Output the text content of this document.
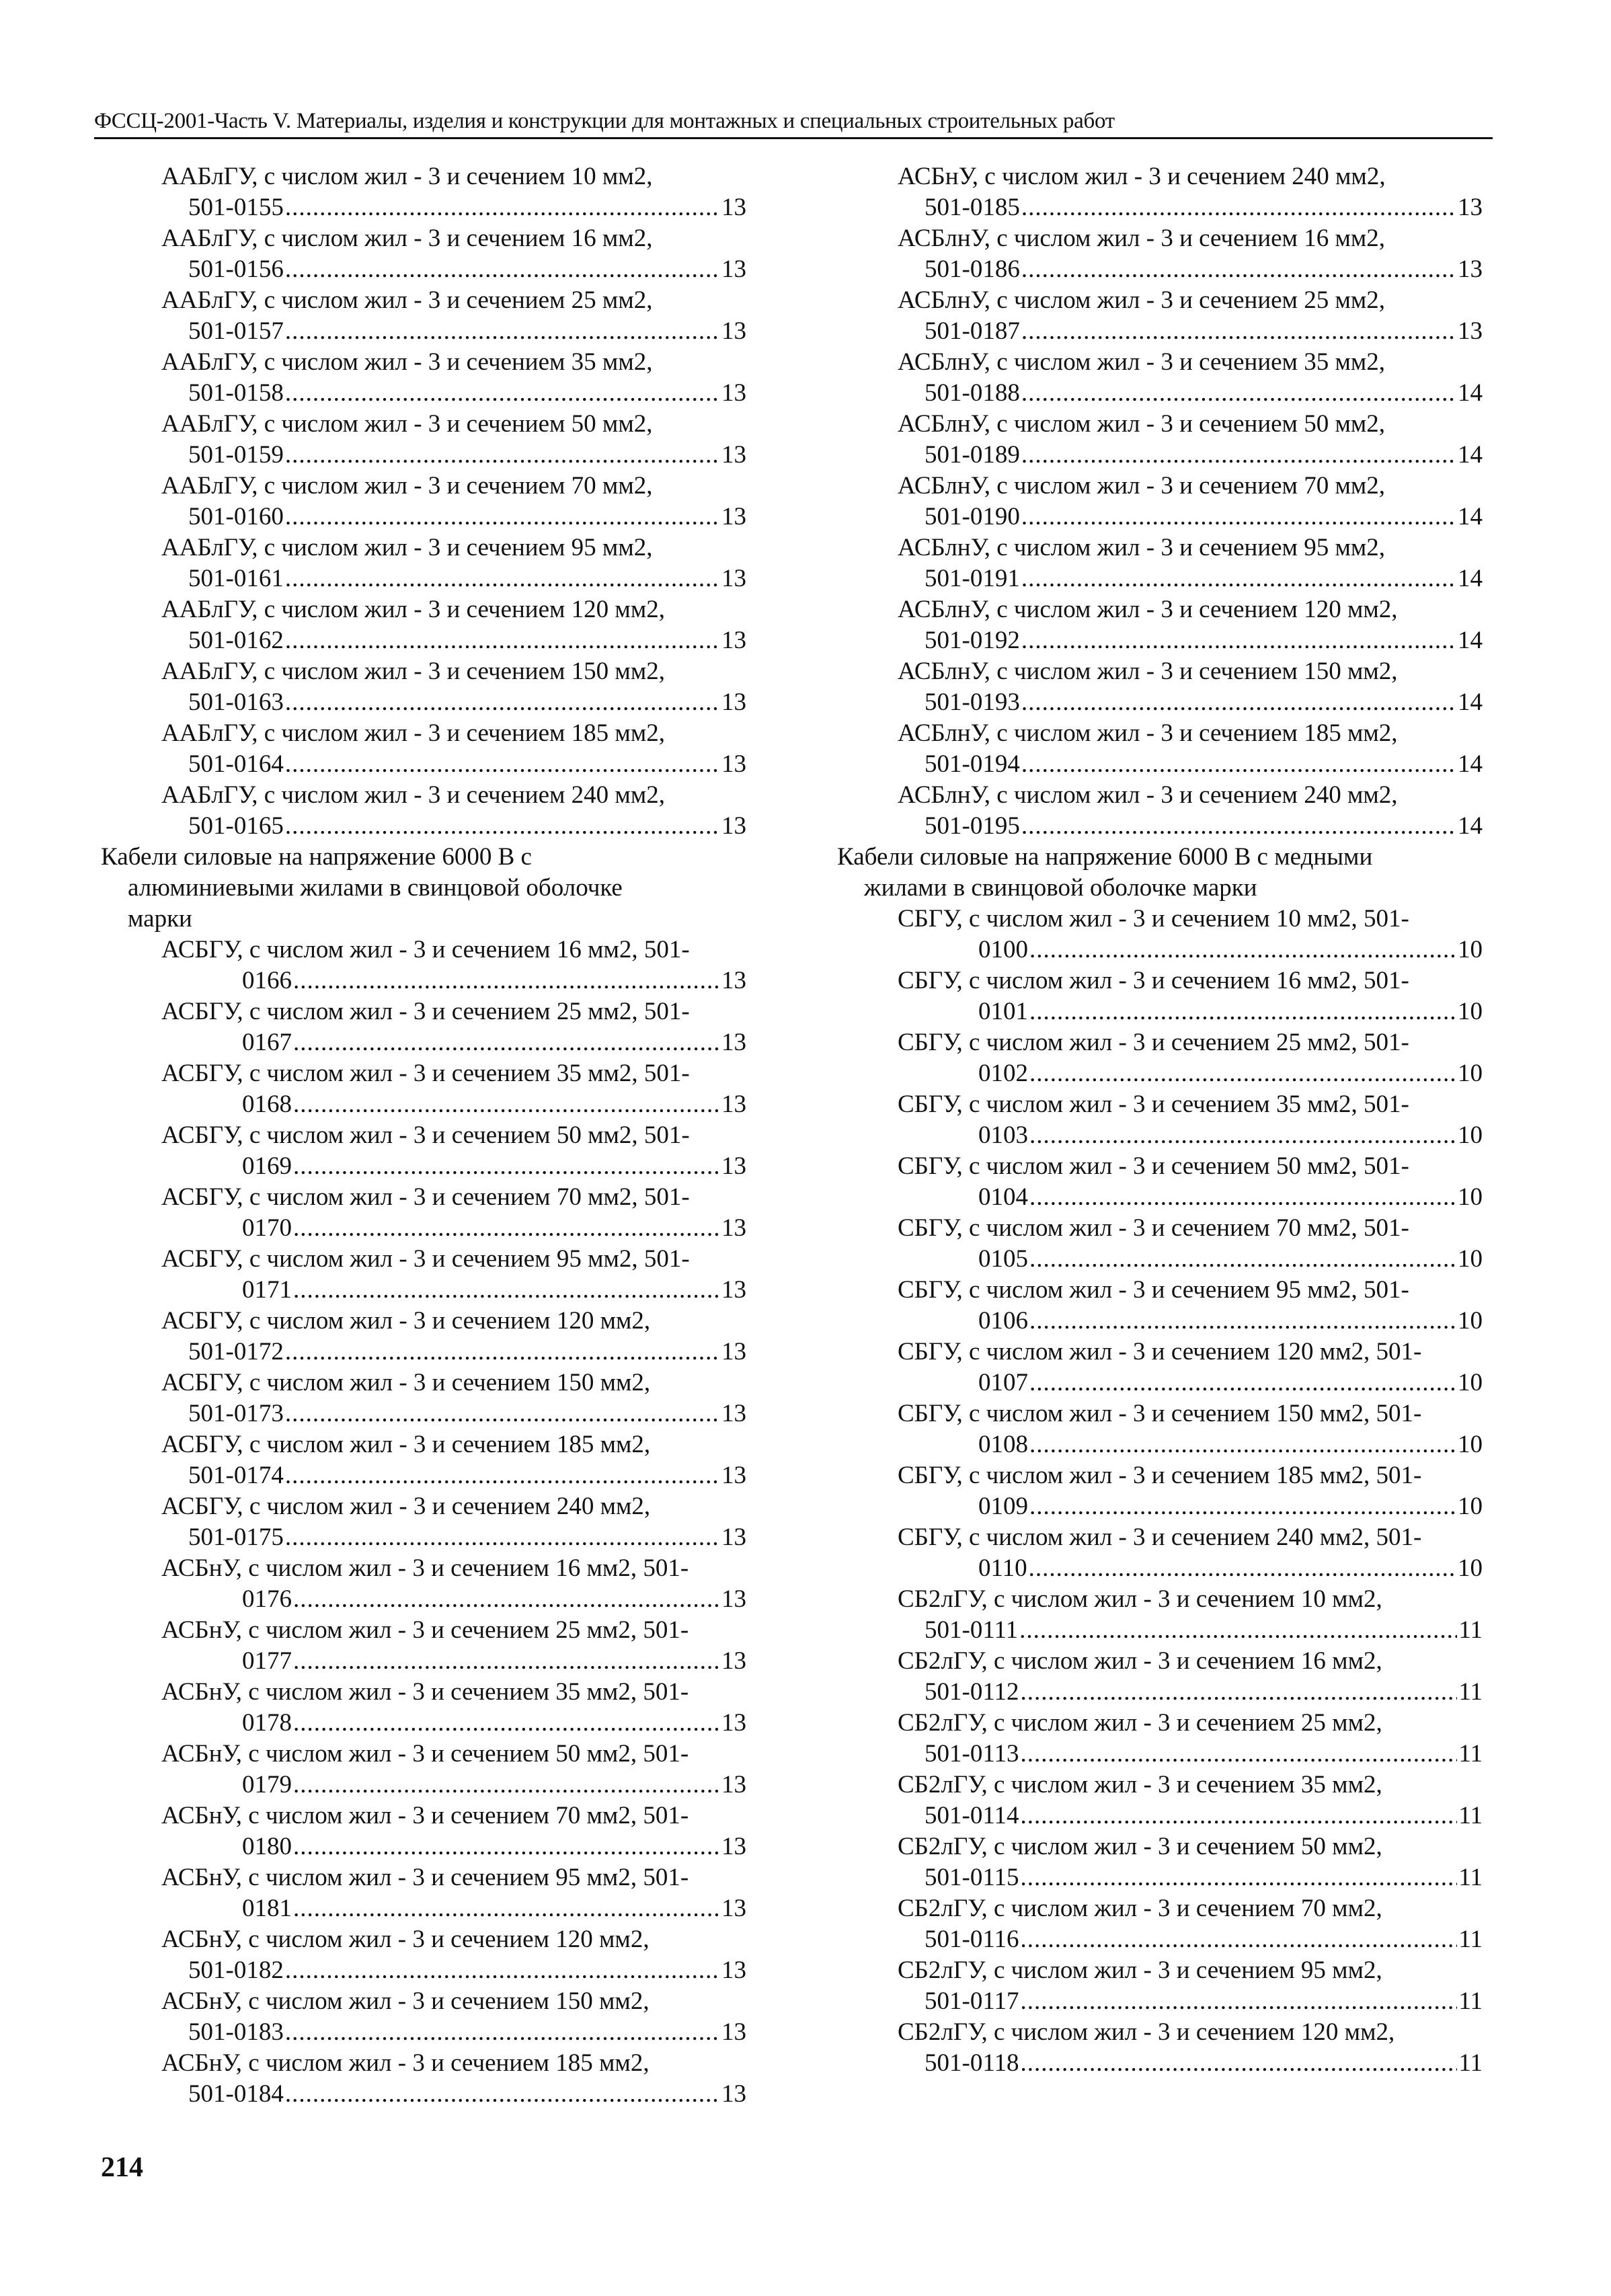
ФССЦ-2001-Часть V. Материалы, изделия и конструкции для монтажных и специальных строительных работ
ААБлГУ, с числом жил - 3 и сечением 10 мм2,
501-0155 .....	13
ААБлГУ, с числом жил - 3 и сечением 16 мм2,
501-0156 .....	13
ААБлГУ, с числом жил - 3 и сечением 25 мм2,
501-0157 .....	13
ААБлГУ, с числом жил - 3 и сечением 35 мм2,
501-0158 .....	13
ААБлГУ, с числом жил - 3 и сечением 50 мм2,
501-0159 .....	13
ААБлГУ, с числом жил - 3 и сечением 70 мм2,
501-0160 .....	13
ААБлГУ, с числом жил - 3 и сечением 95 мм2,
501-0161 .....	13
ААБлГУ, с числом жил - 3 и сечением 120 мм2,
501-0162 .....	13
ААБлГУ, с числом жил - 3 и сечением 150 мм2,
501-0163 .....	13
ААБлГУ, с числом жил - 3 и сечением 185 мм2,
501-0164 .....	13
ААБлГУ, с числом жил - 3 и сечением 240 мм2,
501-0165 .....	13
Кабели силовые на напряжение 6000 В с
алюминиевыми жилами в свинцовой оболочке
марки
АСБГУ, с числом жил - 3 и сечением 16 мм2, 501-
0166 .....	13
АСБГУ, с числом жил - 3 и сечением 25 мм2, 501-
0167 .....	13
АСБГУ, с числом жил - 3 и сечением 35 мм2, 501-
0168 .....	13
АСБГУ, с числом жил - 3 и сечением 50 мм2, 501-
0169 .....	13
АСБГУ, с числом жил - 3 и сечением 70 мм2, 501-
0170 .....	13
АСБГУ, с числом жил - 3 и сечением 95 мм2, 501-
0171 .....	13
АСБГУ, с числом жил - 3 и сечением 120 мм2,
501-0172 .....	13
АСБГУ, с числом жил - 3 и сечением 150 мм2,
501-0173 .....	13
АСБГУ, с числом жил - 3 и сечением 185 мм2,
501-0174 .....	13
АСБГУ, с числом жил - 3 и сечением 240 мм2,
501-0175 .....	13
АСБнУ, с числом жил - 3 и сечением 16 мм2, 501-
0176 .....	13
АСБнУ, с числом жил - 3 и сечением 25 мм2, 501-
0177 .....	13
АСБнУ, с числом жил - 3 и сечением 35 мм2, 501-
0178 .....	13
АСБнУ, с числом жил - 3 и сечением 50 мм2, 501-
0179 .....	13
АСБнУ, с числом жил - 3 и сечением 70 мм2, 501-
0180 .....	13
АСБнУ, с числом жил - 3 и сечением 95 мм2, 501-
0181 .....	13
АСБнУ, с числом жил - 3 и сечением 120 мм2,
501-0182 .....	13
АСБнУ, с числом жил - 3 и сечением 150 мм2,
501-0183 .....	13
АСБнУ, с числом жил - 3 и сечением 185 мм2,
501-0184 .....	13
АСБнУ, с числом жил - 3 и сечением 240 мм2,
501-0185 .....	13
АСБлнУ, с числом жил - 3 и сечением 16 мм2,
501-0186 .....	13
АСБлнУ, с числом жил - 3 и сечением 25 мм2,
501-0187 .....	13
АСБлнУ, с числом жил - 3 и сечением 35 мм2,
501-0188 .....	14
АСБлнУ, с числом жил - 3 и сечением 50 мм2,
501-0189 .....	14
АСБлнУ, с числом жил - 3 и сечением 70 мм2,
501-0190 .....	14
АСБлнУ, с числом жил - 3 и сечением 95 мм2,
501-0191 .....	14
АСБлнУ, с числом жил - 3 и сечением 120 мм2,
501-0192 .....	14
АСБлнУ, с числом жил - 3 и сечением 150 мм2,
501-0193 .....	14
АСБлнУ, с числом жил - 3 и сечением 185 мм2,
501-0194 .....	14
АСБлнУ, с числом жил - 3 и сечением 240 мм2,
501-0195 .....	14
Кабели силовые на напряжение 6000 В с медными
жилами в свинцовой оболочке марки
СБГУ, с числом жил - 3 и сечением 10 мм2, 501-
0100 .....	10
СБГУ, с числом жил - 3 и сечением 16 мм2, 501-
0101 .....	10
СБГУ, с числом жил - 3 и сечением 25 мм2, 501-
0102 .....	10
СБГУ, с числом жил - 3 и сечением 35 мм2, 501-
0103 .....	10
СБГУ, с числом жил - 3 и сечением 50 мм2, 501-
0104 .....	10
СБГУ, с числом жил - 3 и сечением 70 мм2, 501-
0105 .....	10
СБГУ, с числом жил - 3 и сечением 95 мм2, 501-
0106 .....	10
СБГУ, с числом жил - 3 и сечением 120 мм2, 501-
0107 .....	10
СБГУ, с числом жил - 3 и сечением 150 мм2, 501-
0108 .....	10
СБГУ, с числом жил - 3 и сечением 185 мм2, 501-
0109 .....	10
СБГУ, с числом жил - 3 и сечением 240 мм2, 501-
0110 .....	10
СБ2лГУ, с числом жил - 3 и сечением 10 мм2,
501-0111 .....	11
СБ2лГУ, с числом жил - 3 и сечением 16 мм2,
501-0112 .....	11
СБ2лГУ, с числом жил - 3 и сечением 25 мм2,
501-0113 .....	11
СБ2лГУ, с числом жил - 3 и сечением 35 мм2,
501-0114 .....	11
СБ2лГУ, с числом жил - 3 и сечением 50 мм2,
501-0115 .....	11
СБ2лГУ, с числом жил - 3 и сечением 70 мм2,
501-0116 .....	11
СБ2лГУ, с числом жил - 3 и сечением 95 мм2,
501-0117 .....	11
СБ2лГУ, с числом жил - 3 и сечением 120 мм2,
501-0118 .....	11
214
